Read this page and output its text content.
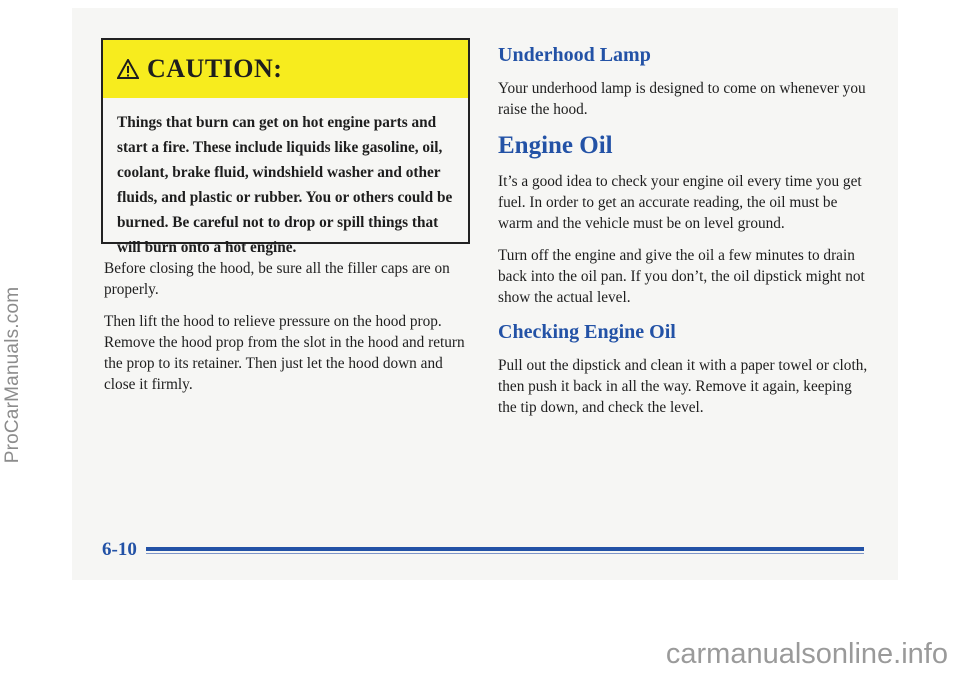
CAUTION:
Things that burn can get on hot engine parts and start a fire. These include liquids like gasoline, oil, coolant, brake fluid, windshield washer and other fluids, and plastic or rubber. You or others could be burned. Be careful not to drop or spill things that will burn onto a hot engine.

Before closing the hood, be sure all the filler caps are on properly.

Then lift the hood to relieve pressure on the hood prop. Remove the hood prop from the slot in the hood and return the prop to its retainer. Then just let the hood down and close it firmly.

Underhood Lamp

Your underhood lamp is designed to come on whenever you raise the hood.

Engine Oil

It’s a good idea to check your engine oil every time you get fuel. In order to get an accurate reading, the oil must be warm and the vehicle must be on level ground.

Turn off the engine and give the oil a few minutes to drain back into the oil pan. If you don’t, the oil dipstick might not show the actual level.

Checking Engine Oil

Pull out the dipstick and clean it with a paper towel or cloth, then push it back in all the way. Remove it again, keeping the tip down, and check the level.

6-10
ProCarManuals.com
carmanualsonline.info
